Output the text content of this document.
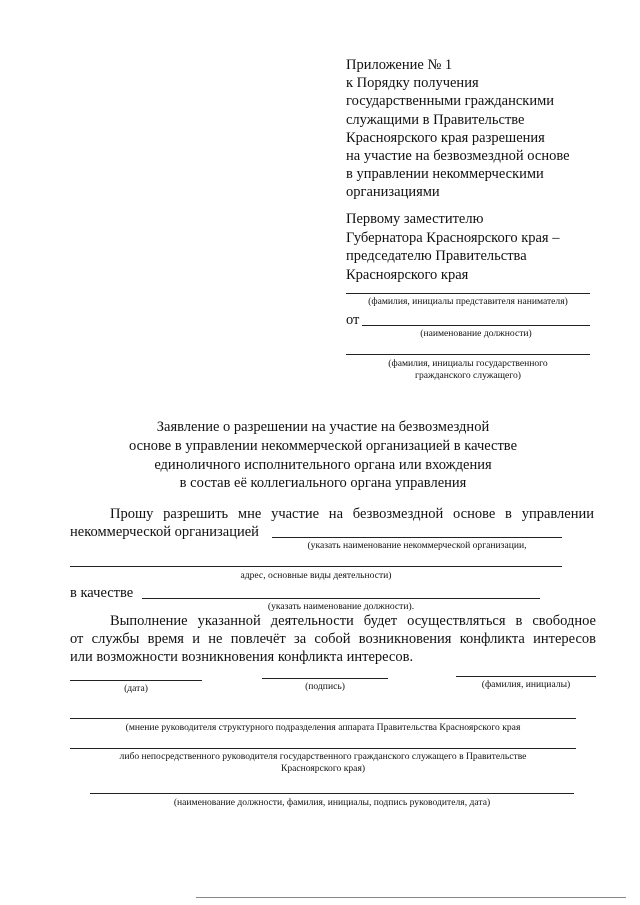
Приложение № 1
к Порядку получения
государственными гражданскими
служащими в Правительстве
Красноярского края разрешения
на участие на безвозмездной основе
в управлении некоммерческими
организациями
Первому заместителю
Губернатора Красноярского края –
председателю Правительства
Красноярского края
(фамилия, инициалы представителя нанимателя)
от
(наименование должности)
(фамилия, инициалы государственного
гражданского служащего)
Заявление о разрешении на участие на безвозмездной
основе в управлении некоммерческой организацией в качестве
единоличного исполнительного органа или вхождения
в состав её коллегиального органа управления
Прошу разрешить мне участие на безвозмездной основе в управлении
некоммерческой организацией
(указать наименование некоммерческой организации,
адрес, основные виды деятельности)
в качестве
(указать наименование должности).
Выполнение указанной деятельности будет осуществляться в свободное
от службы время и не повлечёт за собой возникновения конфликта интересов
или возможности возникновения конфликта интересов.
(дата)	(подпись)	(фамилия, инициалы)
(мнение руководителя структурного подразделения аппарата Правительства Красноярского края
либо непосредственного руководителя государственного гражданского служащего в Правительстве
Красноярского края)
(наименование должности, фамилия, инициалы, подпись руководителя, дата)
